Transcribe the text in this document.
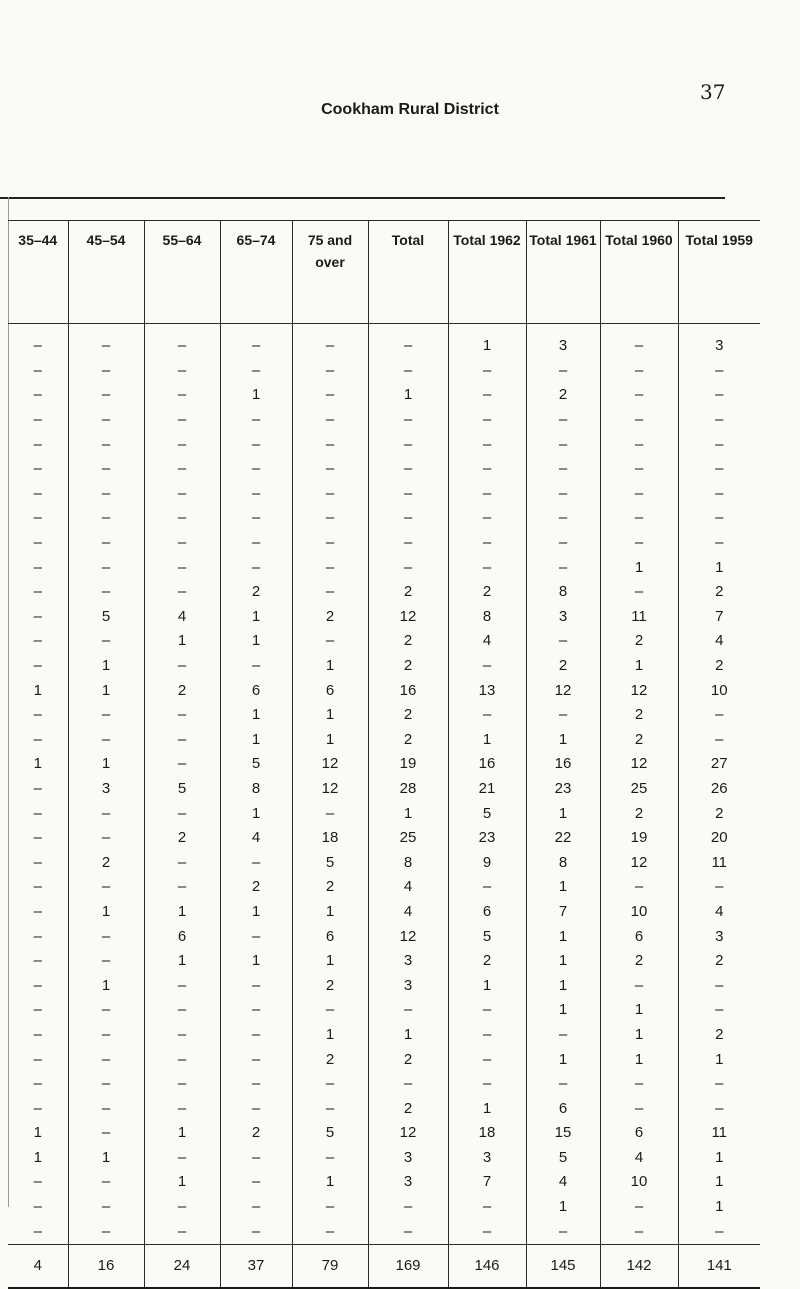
37
Cookham Rural District
35–44	45–54	55–64	65–74	75 and over	Total	Total 1962	Total 1961	Total 1960	Total 1959
–	–	–	–	–	–	1	3	–	3
–	–	–	–	–	–	–	–	–	–
–	–	–	1	–	1	–	2	–	–
–	–	–	–	–	–	–	–	–	–
–	–	–	–	–	–	–	–	–	–
–	–	–	–	–	–	–	–	–	–
–	–	–	–	–	–	–	–	–	–
–	–	–	–	–	–	–	–	–	–
–	–	–	–	–	–	–	–	–	–
–	–	–	–	–	–	–	–	1	1
–	–	–	2	–	2	2	8	–	2
–	5	4	1	2	12	8	3	11	7
–	–	1	1	–	2	4	–	2	4
–	1	–	–	1	2	–	2	1	2
1	1	2	6	6	16	13	12	12	10
–	–	–	1	1	2	–	–	2	–
–	–	–	1	1	2	1	1	2	–
1	1	–	5	12	19	16	16	12	27
–	3	5	8	12	28	21	23	25	26
–	–	–	1	–	1	5	1	2	2
–	–	2	4	18	25	23	22	19	20
–	2	–	–	5	8	9	8	12	11
–	–	–	2	2	4	–	1	–	–
–	1	1	1	1	4	6	7	10	4
–	–	6	–	6	12	5	1	6	3
–	–	1	1	1	3	2	1	2	2
–	1	–	–	2	3	1	1	–	–
–	–	–	–	–	–	–	1	1	–
–	–	–	–	1	1	–	–	1	2
–	–	–	–	2	2	–	1	1	1
–	–	–	–	–	–	–	–	–	–
–	–	–	–	–	2	1	6	–	–
1	–	1	2	5	12	18	15	6	11
1	1	–	–	–	3	3	5	4	1
–	–	1	–	1	3	7	4	10	1
–	–	–	–	–	–	–	1	–	1
–	–	–	–	–	–	–	–	–	–
4	16	24	37	79	169	146	145	142	141
